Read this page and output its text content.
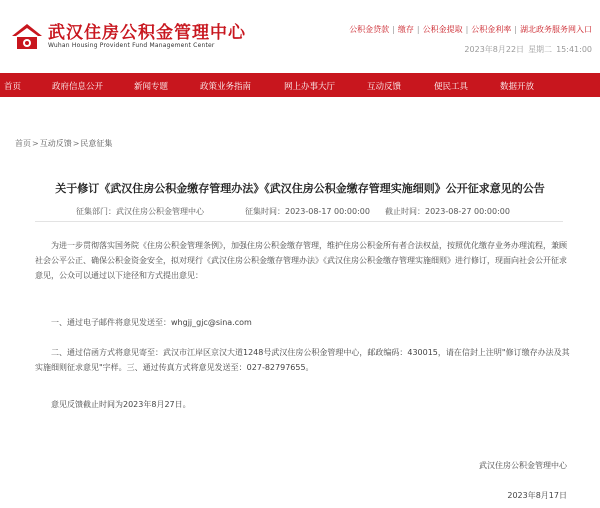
武汉住房公积金管理中心
Wuhan Housing Provident Fund Management Center
公积金贷款 | 缴存 | 公积金提取 | 公积金利率 | 湖北政务服务网入口
2023年8月22日 星期二 15:41:00
首页	政府信息公开	新闻专题	政策业务指南	网上办事大厅	互动反馈	便民工具	数据开放
首页>互动反馈>民意征集
关于修订《武汉住房公积金缴存管理办法》《武汉住房公积金缴存管理实施细则》公开征求意见的公告
征集部门：武汉住房公积金管理中心	征集时间：2023-08-17 00:00:00 截止时间：2023-08-27 00:00:00
为进一步贯彻落实国务院《住房公积金管理条例》，加强住房公积金缴存管理，维护住房公积金所有者合法权益，按照优化缴存业务办理流程，兼顾社会公平公正、确保公积金资金安全，拟对现行《武汉住房公积金缴存管理办法》《武汉住房公积金缴存管理实施细则》进行修订，现面向社会公开征求意见，公众可以通过以下途径和方式提出意见：
一、通过电子邮件将意见发送至：whgjj_gjc@sina.com
二、通过信函方式将意见寄至：武汉市江岸区京汉大道1248号武汉住房公积金管理中心，邮政编码：430015，请在信封上注明"修订缴存办法及其实施细则征求意见"字样。三、通过传真方式将意见发送至：027-82797655。
意见反馈截止时间为2023年8月27日。
武汉住房公积金管理中心
2023年8月17日
